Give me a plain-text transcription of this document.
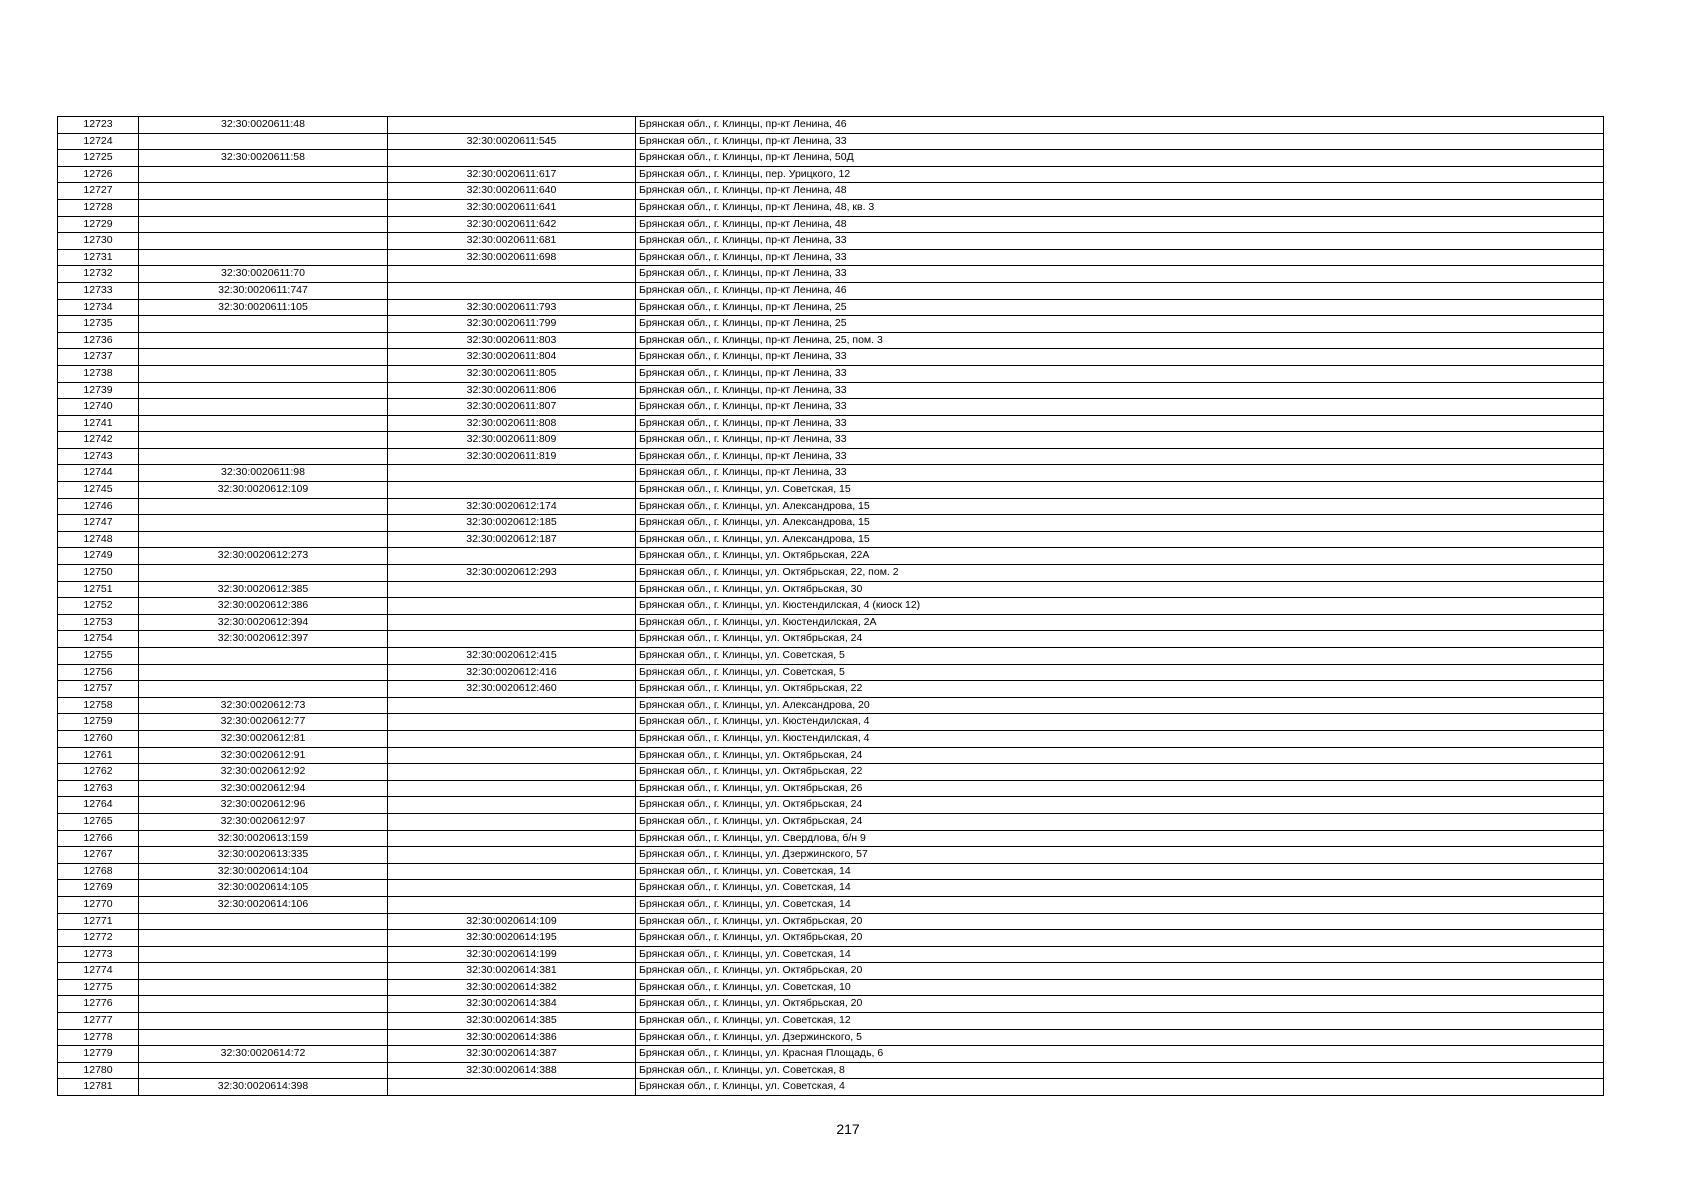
12723	32:30:0020611:48		Брянская обл., г. Клинцы, пр-кт Ленина, 46
12724		32:30:0020611:545	Брянская обл., г. Клинцы, пр-кт Ленина, 33
12725	32:30:0020611:58		Брянская обл., г. Клинцы, пр-кт Ленина, 50Д
12726		32:30:0020611:617	Брянская обл., г. Клинцы, пер. Урицкого, 12
12727		32:30:0020611:640	Брянская обл., г. Клинцы, пр-кт Ленина, 48
12728		32:30:0020611:641	Брянская обл., г. Клинцы, пр-кт Ленина, 48, кв. 3
12729		32:30:0020611:642	Брянская обл., г. Клинцы, пр-кт Ленина, 48
12730		32:30:0020611:681	Брянская обл., г. Клинцы, пр-кт Ленина, 33
12731		32:30:0020611:698	Брянская обл., г. Клинцы, пр-кт Ленина, 33
12732	32:30:0020611:70		Брянская обл., г. Клинцы, пр-кт Ленина, 33
12733	32:30:0020611:747		Брянская обл., г. Клинцы, пр-кт Ленина, 46
12734	32:30:0020611:105	32:30:0020611:793	Брянская обл., г. Клинцы, пр-кт Ленина, 25
12735		32:30:0020611:799	Брянская обл., г. Клинцы, пр-кт Ленина, 25
12736		32:30:0020611:803	Брянская обл., г. Клинцы, пр-кт Ленина, 25, пом. 3
12737		32:30:0020611:804	Брянская обл., г. Клинцы, пр-кт Ленина, 33
12738		32:30:0020611:805	Брянская обл., г. Клинцы, пр-кт Ленина, 33
12739		32:30:0020611:806	Брянская обл., г. Клинцы, пр-кт Ленина, 33
12740		32:30:0020611:807	Брянская обл., г. Клинцы, пр-кт Ленина, 33
12741		32:30:0020611:808	Брянская обл., г. Клинцы, пр-кт Ленина, 33
12742		32:30:0020611:809	Брянская обл., г. Клинцы, пр-кт Ленина, 33
12743		32:30:0020611:819	Брянская обл., г. Клинцы, пр-кт Ленина, 33
12744	32:30:0020611:98		Брянская обл., г. Клинцы, пр-кт Ленина, 33
12745	32:30:0020612:109		Брянская обл., г. Клинцы, ул. Советская, 15
12746		32:30:0020612:174	Брянская обл., г. Клинцы, ул. Александрова, 15
12747		32:30:0020612:185	Брянская обл., г. Клинцы, ул. Александрова, 15
12748		32:30:0020612:187	Брянская обл., г. Клинцы, ул. Александрова, 15
12749	32:30:0020612:273		Брянская обл., г. Клинцы, ул. Октябрьская, 22А
12750		32:30:0020612:293	Брянская обл., г. Клинцы, ул. Октябрьская, 22, пом. 2
12751	32:30:0020612:385		Брянская обл., г. Клинцы, ул. Октябрьская, 30
12752	32:30:0020612:386		Брянская обл., г. Клинцы, ул. Кюстендилская, 4 (киоск 12)
12753	32:30:0020612:394		Брянская обл., г. Клинцы, ул. Кюстендилская, 2А
12754	32:30:0020612:397		Брянская обл., г. Клинцы, ул. Октябрьская, 24
12755		32:30:0020612:415	Брянская обл., г. Клинцы, ул. Советская, 5
12756		32:30:0020612:416	Брянская обл., г. Клинцы, ул. Советская, 5
12757		32:30:0020612:460	Брянская обл., г. Клинцы, ул. Октябрьская, 22
12758	32:30:0020612:73		Брянская обл., г. Клинцы, ул. Александрова, 20
12759	32:30:0020612:77		Брянская обл., г. Клинцы, ул. Кюстендилская, 4
12760	32:30:0020612:81		Брянская обл., г. Клинцы, ул. Кюстендилская, 4
12761	32:30:0020612:91		Брянская обл., г. Клинцы, ул. Октябрьская, 24
12762	32:30:0020612:92		Брянская обл., г. Клинцы, ул. Октябрьская, 22
12763	32:30:0020612:94		Брянская обл., г. Клинцы, ул. Октябрьская, 26
12764	32:30:0020612:96		Брянская обл., г. Клинцы, ул. Октябрьская, 24
12765	32:30:0020612:97		Брянская обл., г. Клинцы, ул. Октябрьская, 24
12766	32:30:0020613:159		Брянская обл., г. Клинцы, ул. Свердлова, б/н 9
12767	32:30:0020613:335		Брянская обл., г. Клинцы, ул. Дзержинского, 57
12768	32:30:0020614:104		Брянская обл., г. Клинцы, ул. Советская, 14
12769	32:30:0020614:105		Брянская обл., г. Клинцы, ул. Советская, 14
12770	32:30:0020614:106		Брянская обл., г. Клинцы, ул. Советская, 14
12771		32:30:0020614:109	Брянская обл., г. Клинцы, ул. Октябрьская, 20
12772		32:30:0020614:195	Брянская обл., г. Клинцы, ул. Октябрьская, 20
12773		32:30:0020614:199	Брянская обл., г. Клинцы, ул. Советская, 14
12774		32:30:0020614:381	Брянская обл., г. Клинцы, ул. Октябрьская, 20
12775		32:30:0020614:382	Брянская обл., г. Клинцы, ул. Советская, 10
12776		32:30:0020614:384	Брянская обл., г. Клинцы, ул. Октябрьская, 20
12777		32:30:0020614:385	Брянская обл., г. Клинцы, ул. Советская, 12
12778		32:30:0020614:386	Брянская обл., г. Клинцы, ул. Дзержинского, 5
12779	32:30:0020614:72	32:30:0020614:387	Брянская обл., г. Клинцы, ул. Красная Площадь, 6
12780		32:30:0020614:388	Брянская обл., г. Клинцы, ул. Советская, 8
12781	32:30:0020614:398		Брянская обл., г. Клинцы, ул. Советская, 4
217
